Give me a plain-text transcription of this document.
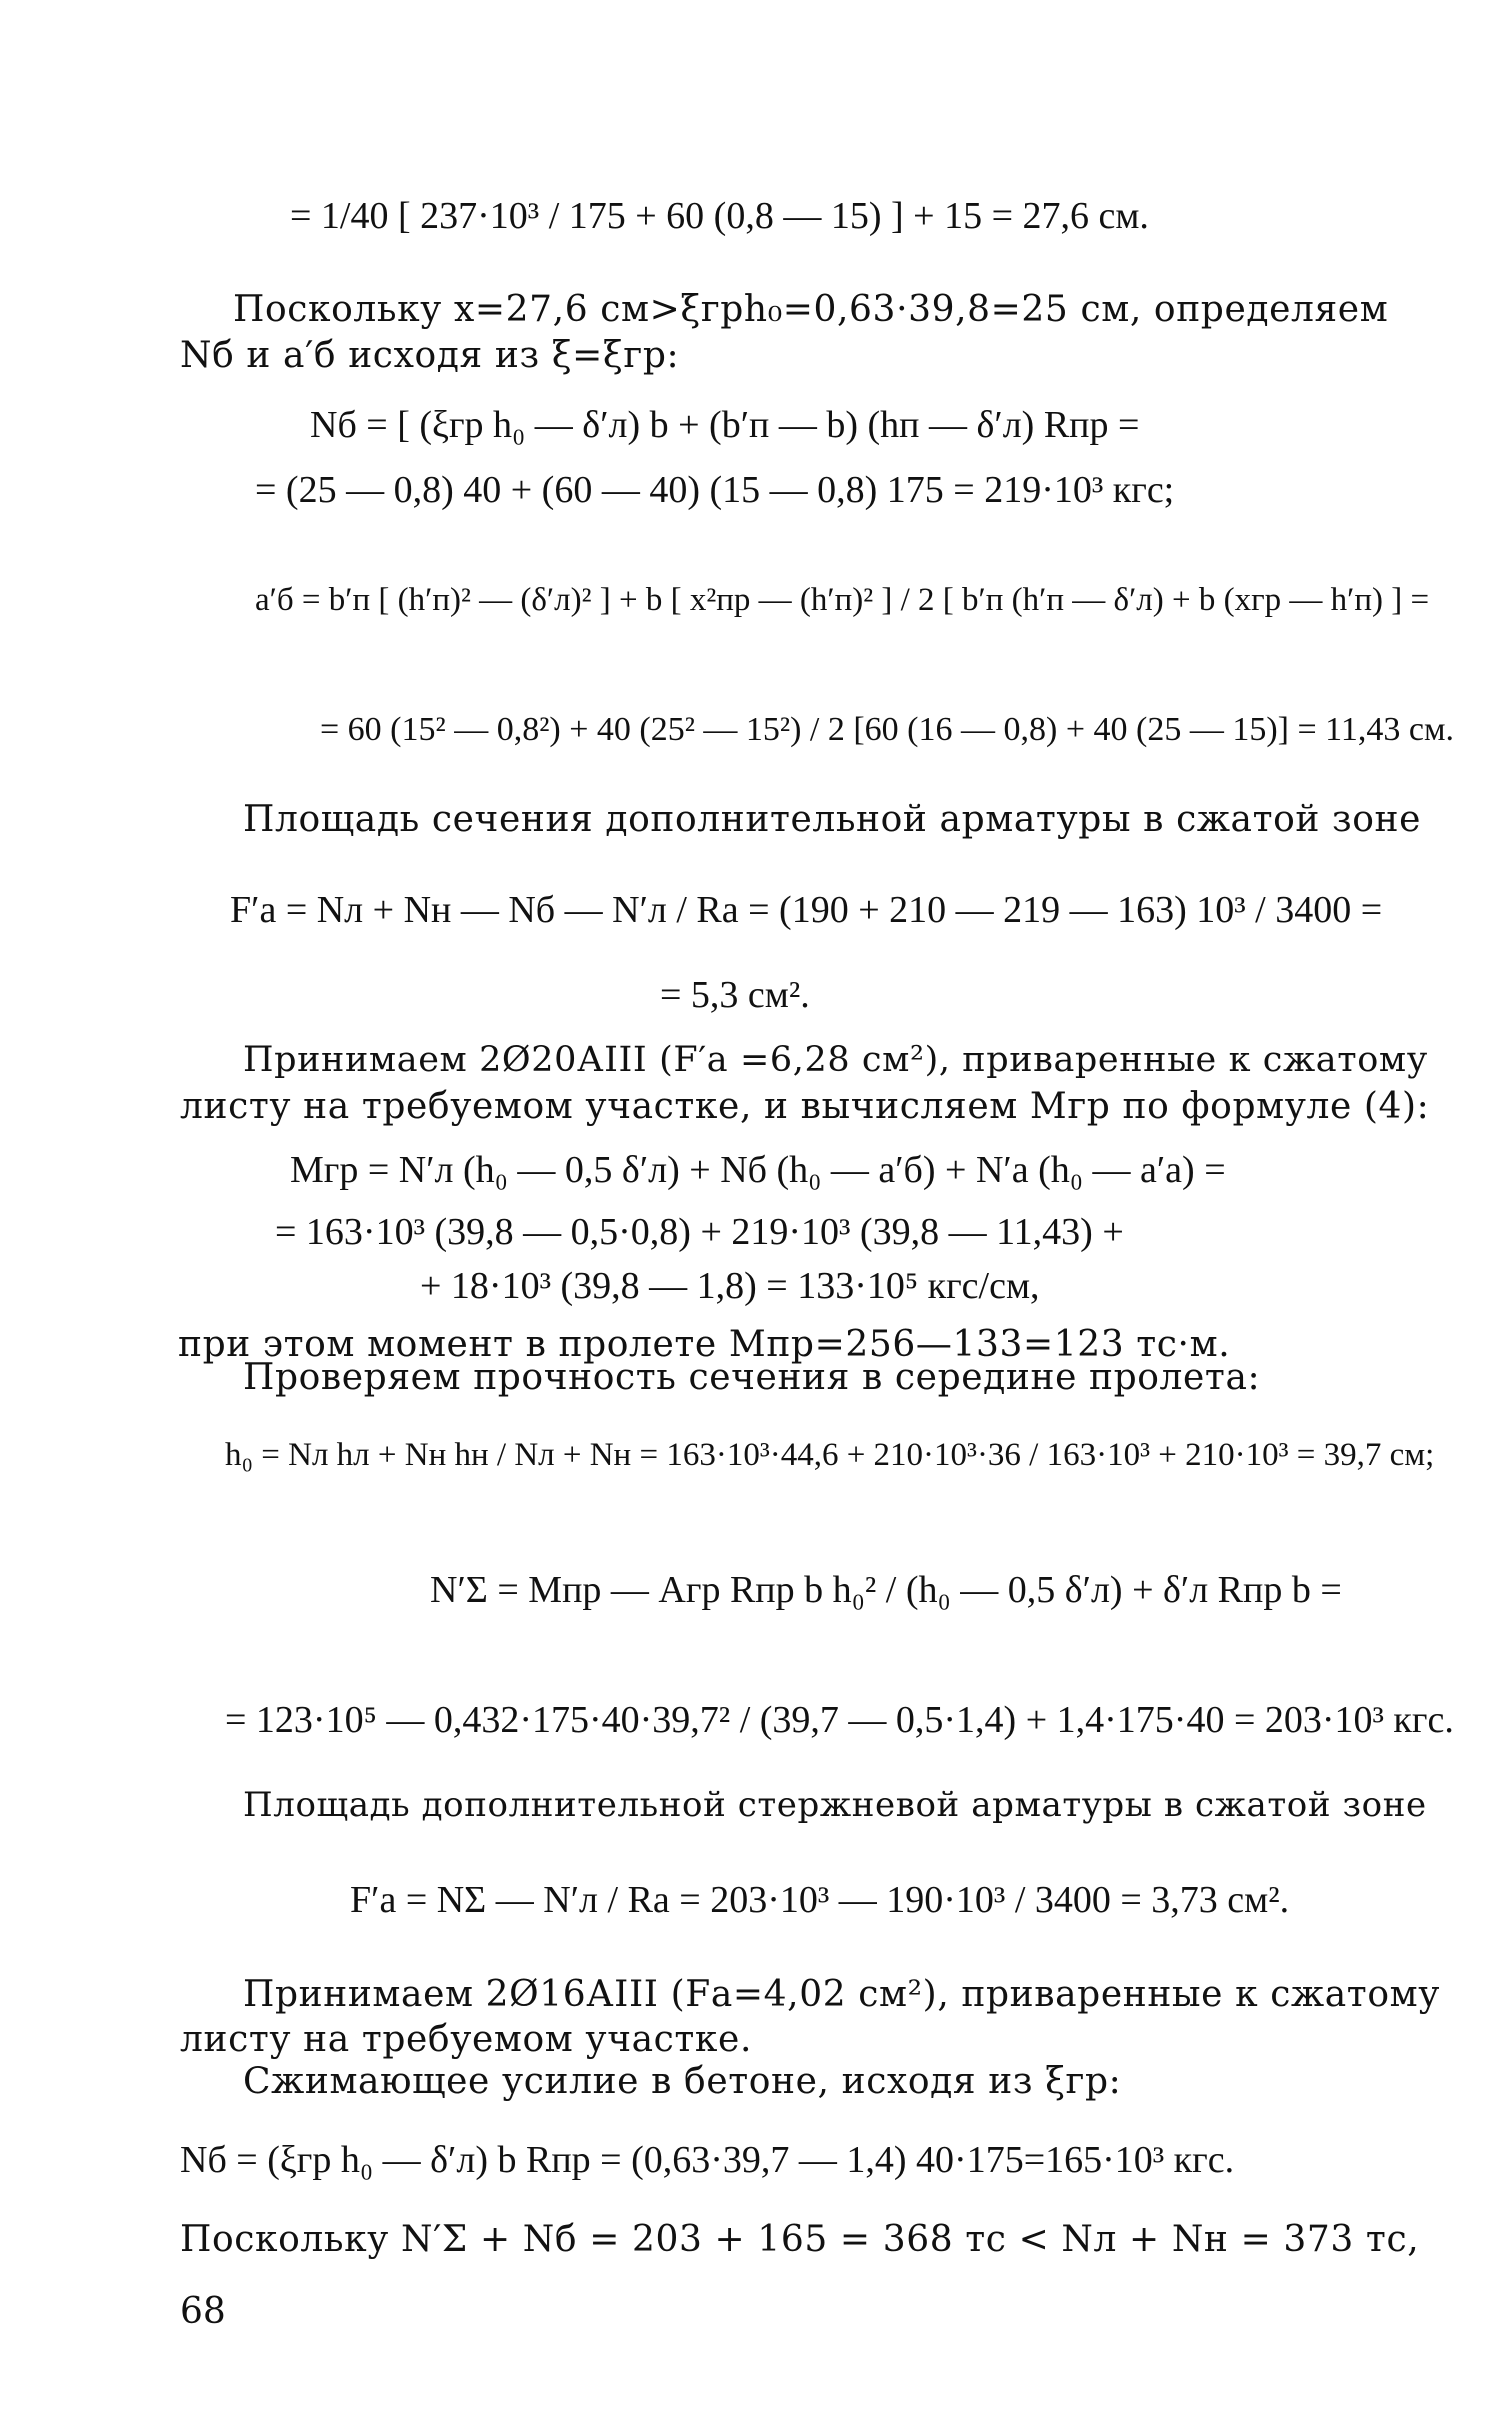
= 1/40 [ 237·10³ / 175 + 60 (0,8 — 15) ] + 15 = 27,6 см.
Поскольку x=27,6 см>ξгрh₀=0,63·39,8=25 см, определяем
Nб и a′б исходя из ξ=ξгр:
Nб = [ (ξгр h₀ — δ′л) b + (b′п — b) (hп — δ′л) Rпр =
= (25 — 0,8) 40 + (60 — 40) (15 — 0,8) 175 = 219·10³ кгс;
a′б = b′п [ (h′п)² — (δ′л)² ] + b [ x²пр — (h′п)² ] / 2 [ b′п (h′п — δ′л) + b (xгр — h′п) ] =
= 60 (15² — 0,8²) + 40 (25² — 15²) / 2 [60 (16 — 0,8) + 40 (25 — 15)] = 11,43 см.
Площадь сечения дополнительной арматуры в сжатой зоне
F′а = Nл + Nн — Nб — N′л / Rа = (190 + 210 — 219 — 163) 10³ / 3400 =
= 5,3 см².
Принимаем 2Ø20АIII (F′а =6,28 см²), приваренные к сжатому
листу на требуемом участке, и вычисляем Mгр по формуле (4):
Mгр = N′л (h₀ — 0,5 δ′л) + Nб (h₀ — a′б) + N′а (h₀ — a′а) =
= 163·10³ (39,8 — 0,5·0,8) + 219·10³ (39,8 — 11,43) +
+ 18·10³ (39,8 — 1,8) = 133·10⁵ кгс/см,
при этом момент в пролете Mпр=256—133=123 тс·м.
Проверяем прочность сечения в середине пролета:
h₀ = Nл hл + Nн hн / Nл + Nн = 163·10³·44,6 + 210·10³·36 / 163·10³ + 210·10³ = 39,7 см;
N′Σ = Mпр — Aгр Rпр b h₀² / (h₀ — 0,5 δ′л) + δ′л Rпр b =
= 123·10⁵ — 0,432·175·40·39,7² / (39,7 — 0,5·1,4) + 1,4·175·40 = 203·10³ кгс.
Площадь дополнительной стержневой арматуры в сжатой зоне
F′а = NΣ — N′л / Rа = 203·10³ — 190·10³ / 3400 = 3,73 см².
Принимаем 2Ø16АIII (Fа=4,02 см²), приваренные к сжатому
листу на требуемом участке.
Сжимающее усилие в бетоне, исходя из ξгр:
Nб = (ξгр h₀ — δ′л) b Rпр = (0,63·39,7 — 1,4) 40·175=165·10³ кгс.
Поскольку N′Σ + Nб = 203 + 165 = 368 тс < Nл + Nн = 373 тс,
68
